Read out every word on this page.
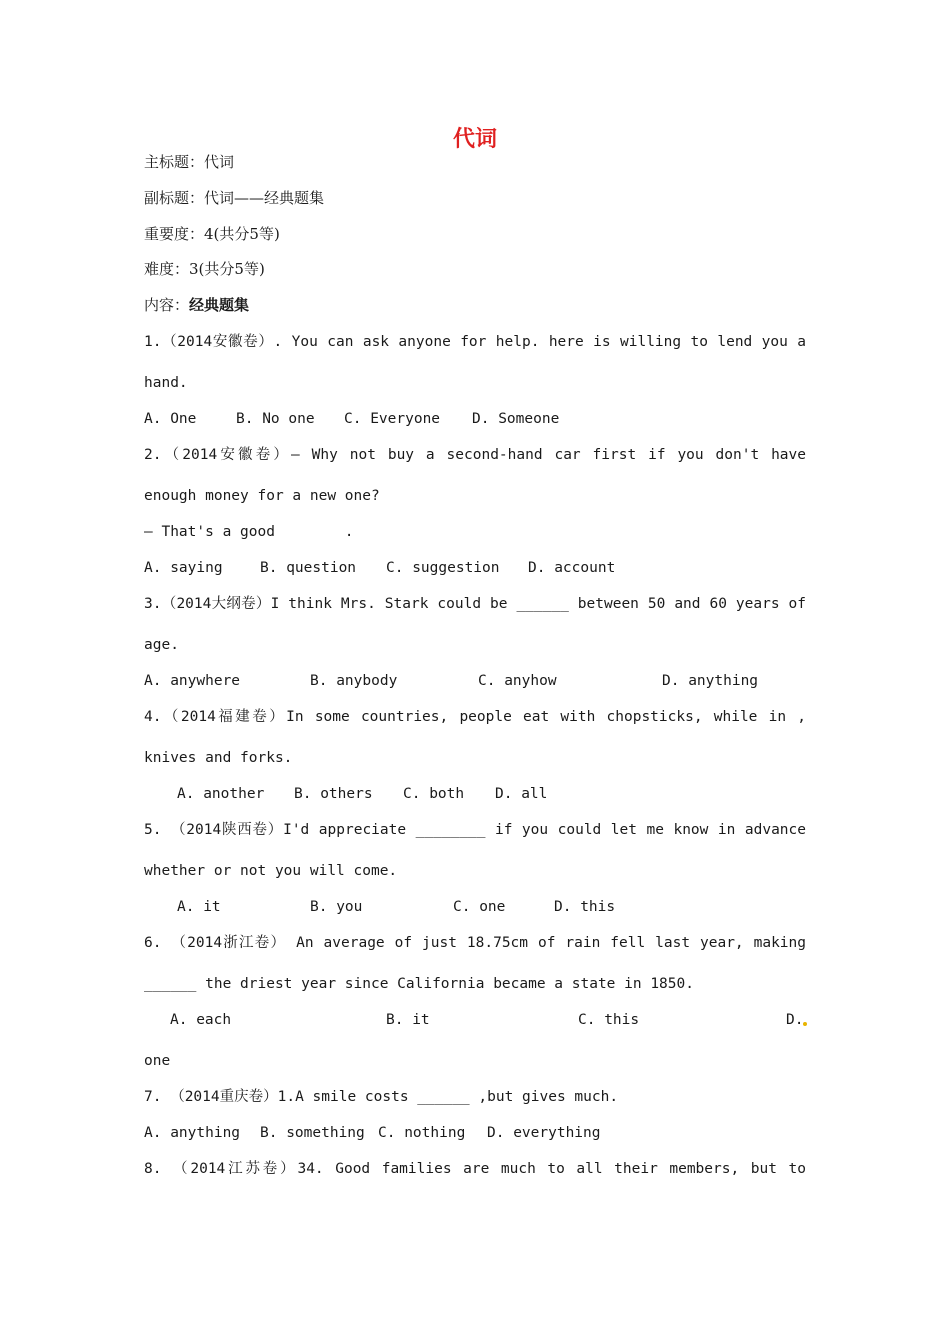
代词
主标题：代词
副标题：代词——经典题集
重要度：4(共分5等)
难度：3(共分5等)
内容：经典题集
1.（2014安徽卷）. You can ask anyone for help. here is willing to lend you a
hand.
A. One	B. No one C. Everyone D. Someone
2.（2014安徽卷）— Why not buy a second-hand car first if you don't have
enough money for a new one?
— That's a good        .
A. saying	B. question C. suggestion D. account
3.（2014大纲卷）I think Mrs. Stark could be ______ between 50 and 60 years of
age.
A. anywhere	B. anybody	C. anyhow	D. anything
4.（2014福建卷）In some countries, people eat with chopsticks, while in ,
knives and forks.
A. another B. others C. both D. all
5. （2014陕西卷）I'd appreciate ________ if you could let me know in advance
whether or not you will come.
A. it	B. you	C. one	D. this
6. （2014浙江卷） An average of just 18.75cm of rain fell last year, making
______ the driest year since California became a state in 1850.
A. each	B. it	C. this	D.
one
7. （2014重庆卷）1.A smile costs ______ ,but gives much.
A. anything B. something C. nothing D. everything
8. （2014江苏卷）34. Good families are much to all their members, but to
